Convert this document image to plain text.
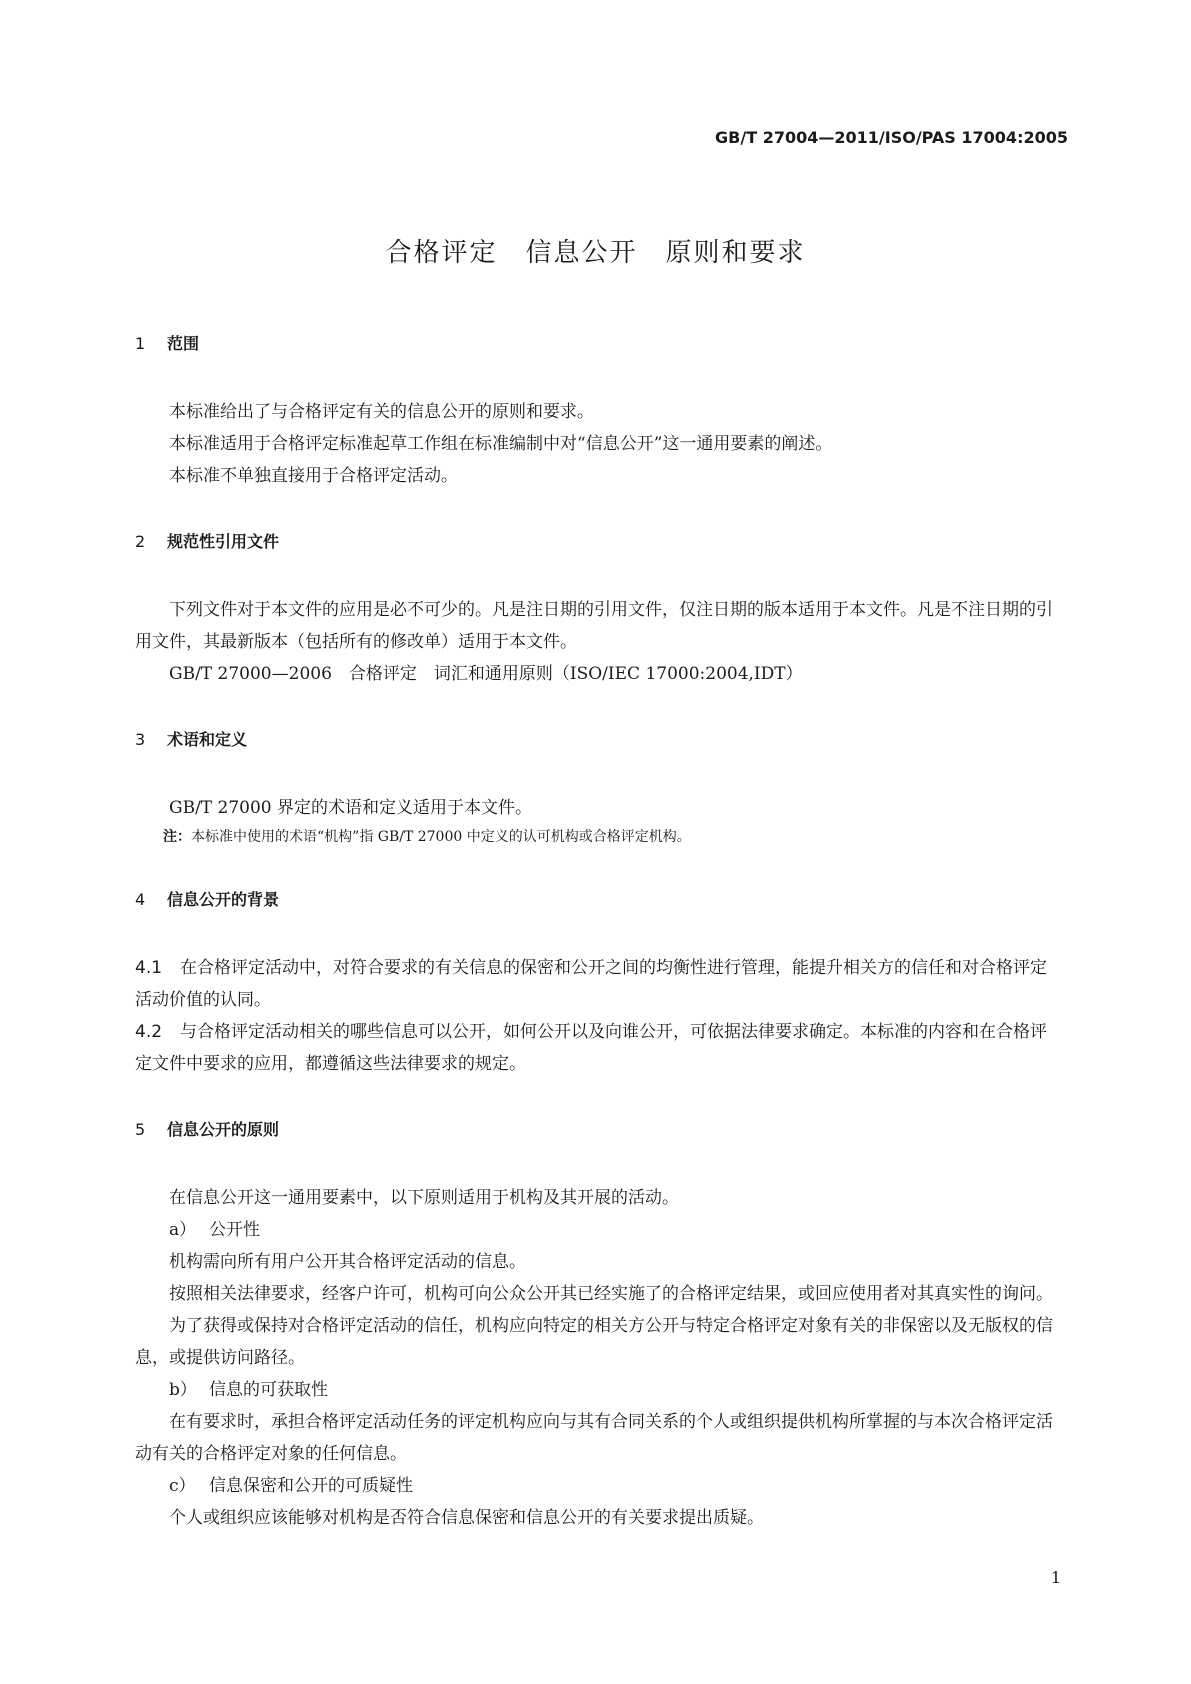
GB/T 27004—2011/ISO/PAS 17004:2005
合格评定　信息公开　原则和要求
1 范围

本标准给出了与合格评定有关的信息公开的原则和要求。

本标准适用于合格评定标准起草工作组在标准编制中对“信息公开”这一通用要素的阐述。

本标准不单独直接用于合格评定活动。

2 规范性引用文件

下列文件对于本文件的应用是必不可少的。凡是注日期的引用文件，仅注日期的版本适用于本文件。凡是不注日期的引用文件，其最新版本（包括所有的修改单）适用于本文件。

GB/T 27000—2006　合格评定　词汇和通用原则（ISO/IEC 17000:2004,IDT）

3 术语和定义

GB/T 27000 界定的术语和定义适用于本文件。

注：本标准中使用的术语“机构”指 GB/T 27000 中定义的认可机构或合格评定机构。

4 信息公开的背景

4.1 在合格评定活动中，对符合要求的有关信息的保密和公开之间的均衡性进行管理，能提升相关方的信任和对合格评定活动价值的认同。

4.2 与合格评定活动相关的哪些信息可以公开，如何公开以及向谁公开，可依据法律要求确定。本标准的内容和在合格评定文件中要求的应用，都遵循这些法律要求的规定。

5 信息公开的原则

在信息公开这一通用要素中，以下原则适用于机构及其开展的活动。

a） 公开性

机构需向所有用户公开其合格评定活动的信息。

按照相关法律要求，经客户许可，机构可向公众公开其已经实施了的合格评定结果，或回应使用者对其真实性的询问。

为了获得或保持对合格评定活动的信任，机构应向特定的相关方公开与特定合格评定对象有关的非保密以及无版权的信息，或提供访问路径。

b） 信息的可获取性

在有要求时，承担合格评定活动任务的评定机构应向与其有合同关系的个人或组织提供机构所掌握的与本次合格评定活动有关的合格评定对象的任何信息。

c） 信息保密和公开的可质疑性

个人或组织应该能够对机构是否符合信息保密和信息公开的有关要求提出质疑。

1
